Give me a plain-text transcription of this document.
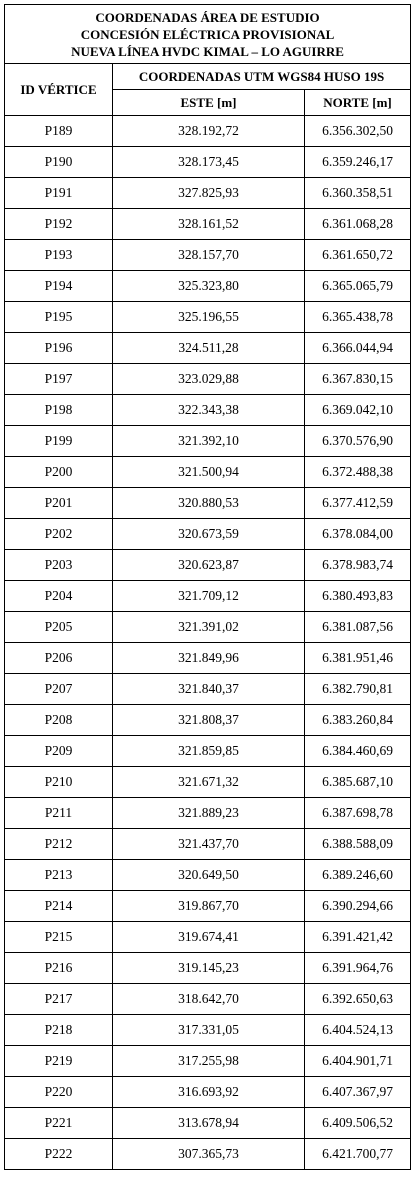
COORDENADAS ÁREA DE ESTUDIO
CONCESIÓN ELÉCTRICA PROVISIONAL
NUEVA LÍNEA HVDC KIMAL – LO AGUIRRE		

ID VÉRTICE	COORDENADAS UTM WGS84 HUSO 19S	
	ESTE [m]	NORTE [m]
P189	328.192,72	6.356.302,50
P190	328.173,45	6.359.246,17
P191	327.825,93	6.360.358,51
P192	328.161,52	6.361.068,28
P193	328.157,70	6.361.650,72
P194	325.323,80	6.365.065,79
P195	325.196,55	6.365.438,78
P196	324.511,28	6.366.044,94
P197	323.029,88	6.367.830,15
P198	322.343,38	6.369.042,10
P199	321.392,10	6.370.576,90
P200	321.500,94	6.372.488,38
P201	320.880,53	6.377.412,59
P202	320.673,59	6.378.084,00
P203	320.623,87	6.378.983,74
P204	321.709,12	6.380.493,83
P205	321.391,02	6.381.087,56
P206	321.849,96	6.381.951,46
P207	321.840,37	6.382.790,81
P208	321.808,37	6.383.260,84
P209	321.859,85	6.384.460,69
P210	321.671,32	6.385.687,10
P211	321.889,23	6.387.698,78
P212	321.437,70	6.388.588,09
P213	320.649,50	6.389.246,60
P214	319.867,70	6.390.294,66
P215	319.674,41	6.391.421,42
P216	319.145,23	6.391.964,76
P217	318.642,70	6.392.650,63
P218	317.331,05	6.404.524,13
P219	317.255,98	6.404.901,71
P220	316.693,92	6.407.367,97
P221	313.678,94	6.409.506,52
P222	307.365,73	6.421.700,77
